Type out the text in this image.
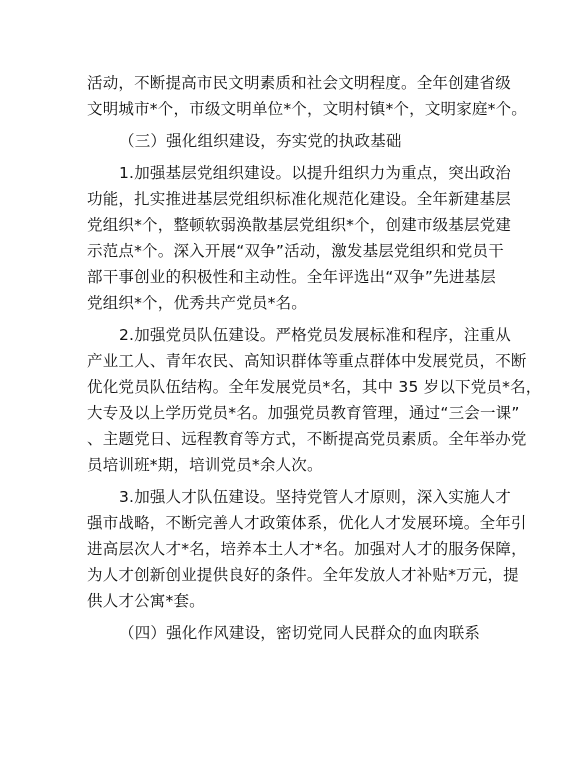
活动，不断提高市民文明素质和社会文明程度。全年创建省级
文明城市*个，市级文明单位*个，文明村镇*个，文明家庭*个。
（三）强化组织建设，夯实党的执政基础
1.加强基层党组织建设。以提升组织力为重点，突出政治
功能，扎实推进基层党组织标准化规范化建设。全年新建基层
党组织*个，整顿软弱涣散基层党组织*个，创建市级基层党建
示范点*个。深入开展“双争”活动，激发基层党组织和党员干
部干事创业的积极性和主动性。全年评选出“双争”先进基层
党组织*个，优秀共产党员*名。
2.加强党员队伍建设。严格党员发展标准和程序，注重从
产业工人、青年农民、高知识群体等重点群体中发展党员，不断
优化党员队伍结构。全年发展党员*名，其中 35 岁以下党员*名，
大专及以上学历党员*名。加强党员教育管理，通过“三会一课”
、主题党日、远程教育等方式，不断提高党员素质。全年举办党
员培训班*期，培训党员*余人次。
3.加强人才队伍建设。坚持党管人才原则，深入实施人才
强市战略，不断完善人才政策体系，优化人才发展环境。全年引
进高层次人才*名，培养本土人才*名。加强对人才的服务保障，
为人才创新创业提供良好的条件。全年发放人才补贴*万元，提
供人才公寓*套。
（四）强化作风建设，密切党同人民群众的血肉联系
